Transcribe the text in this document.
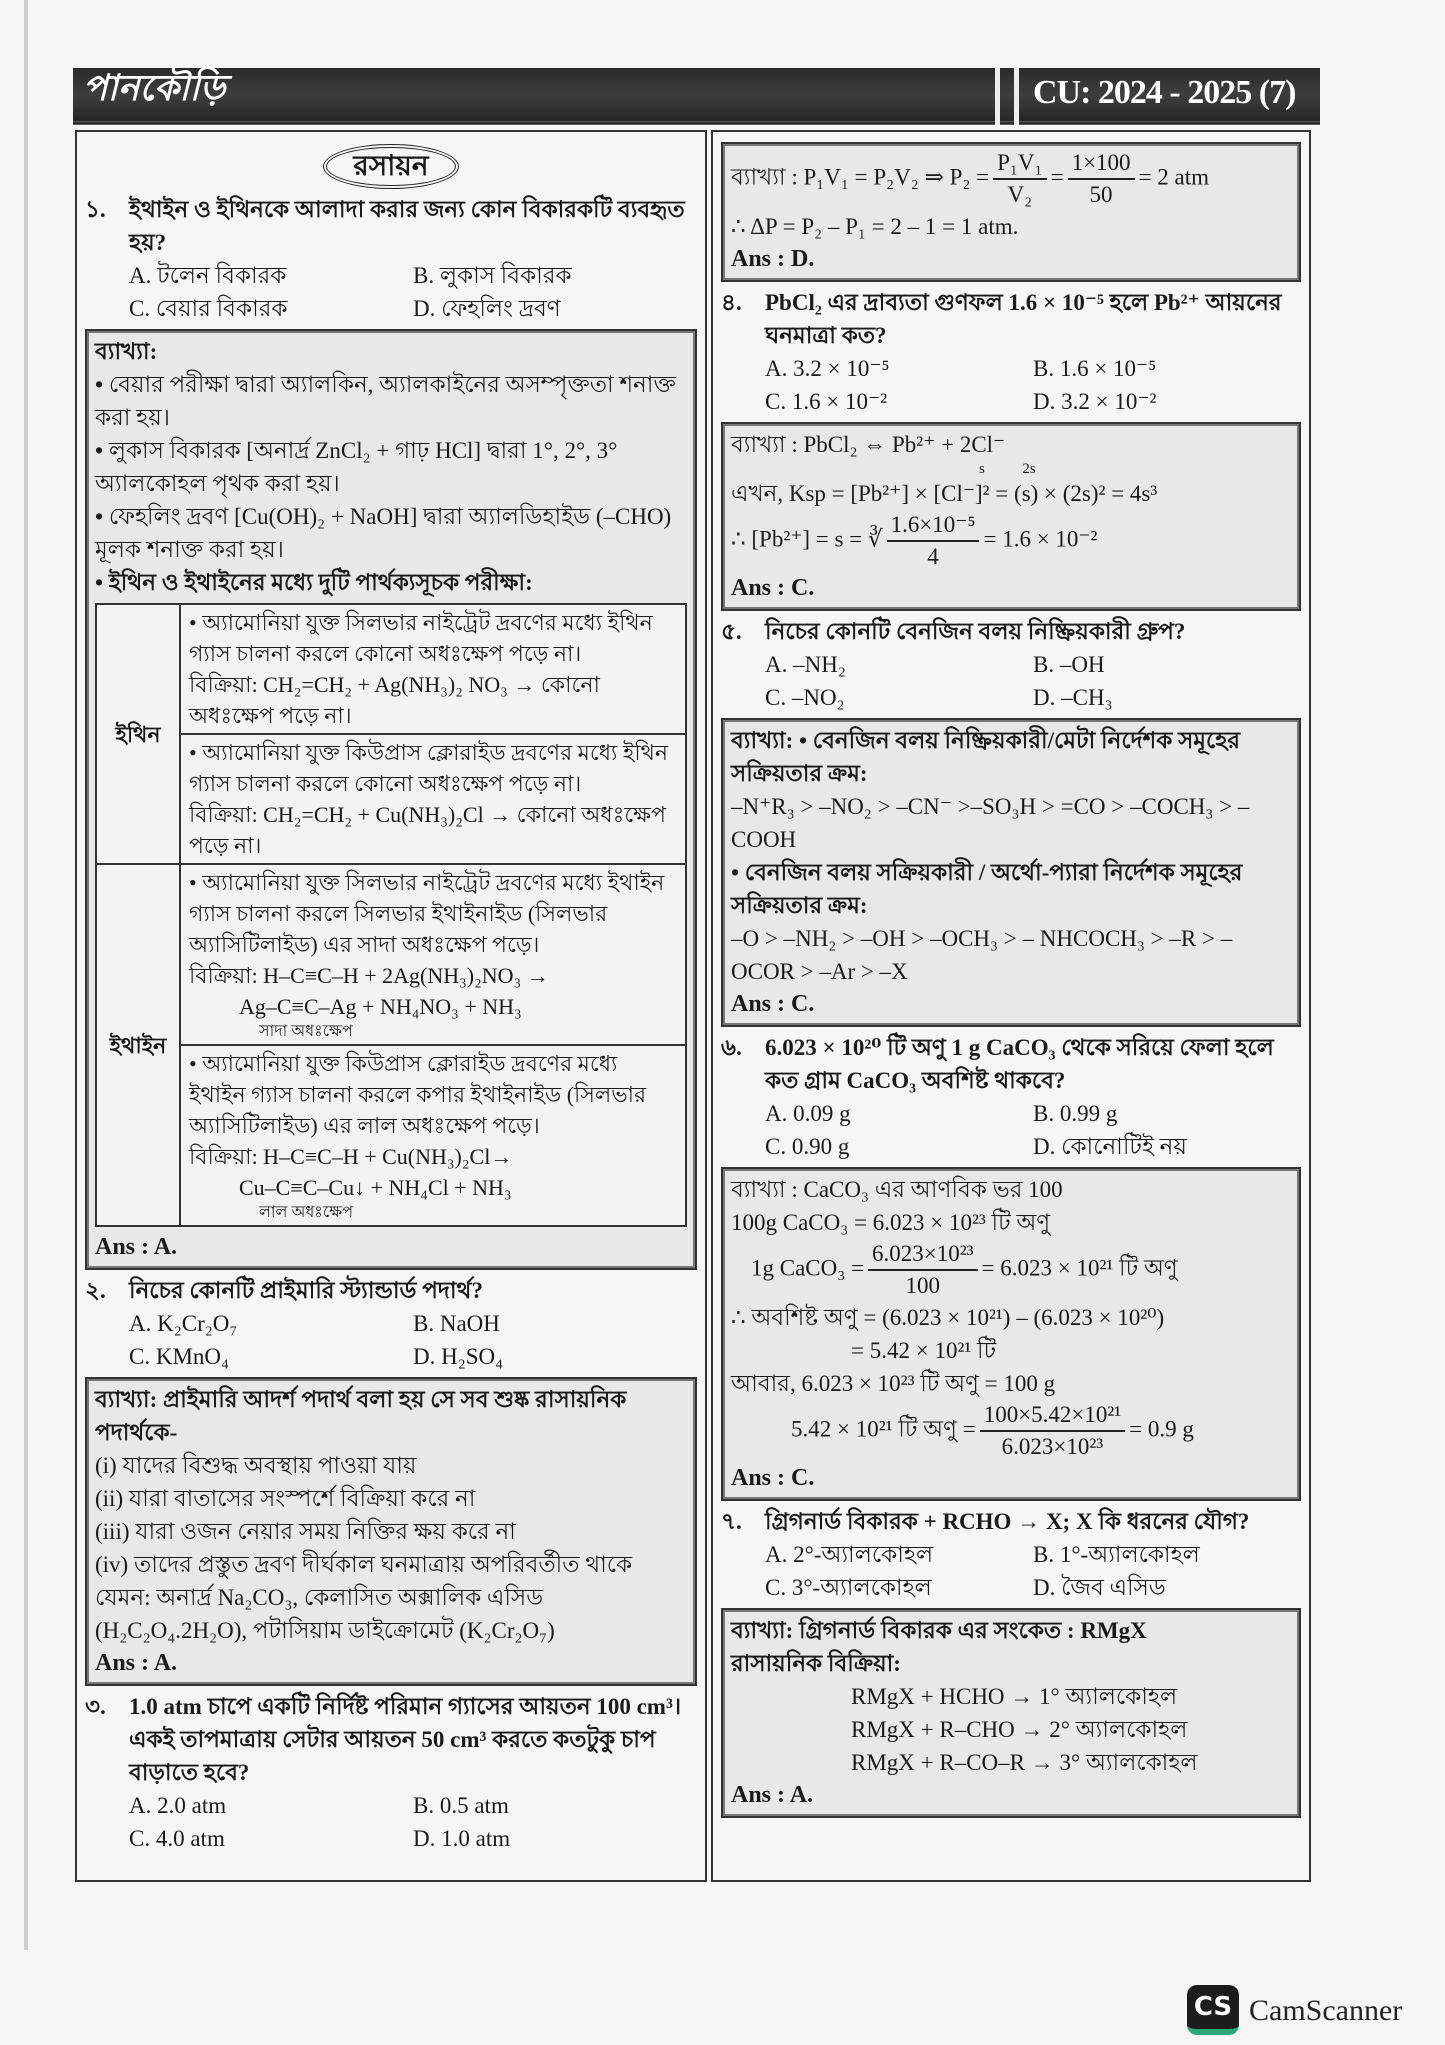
পানকৌড়ি	CU: 2024 - 2025 (7)
রসায়ন
১.	ইথাইন ও ইথিনকে আলাদা করার জন্য কোন বিকারকটি ব্যবহৃত হয়?
A. টলেন বিকারক	B. লুকাস বিকারক
C. বেয়ার বিকারক	D. ফেহলিং দ্রবণ
ব্যাখ্যা:
• বেয়ার পরীক্ষা দ্বারা অ্যালকিন, অ্যালকাইনের অসম্পৃক্ততা শনাক্ত করা হয়।
• লুকাস বিকারক [অনার্দ্র ZnCl₂ + গাঢ় HCl] দ্বারা 1°, 2°, 3° অ্যালকোহল পৃথক করা হয়।
• ফেহলিং দ্রবণ [Cu(OH)₂ + NaOH] দ্বারা অ্যালডিহাইড (–CHO) মূলক শনাক্ত করা হয়।
• ইথিন ও ইথাইনের মধ্যে দুটি পার্থক্যসূচক পরীক্ষা:
ইথিন	• অ্যামোনিয়া যুক্ত সিলভার নাইট্রেট দ্রবণের মধ্যে ইথিন গ্যাস চালনা করলে কোনো অধঃক্ষেপ পড়ে না।
বিক্রিয়া: CH₂=CH₂ + Ag(NH₃)₂ NO₃ → কোনো অধঃক্ষেপ পড়ে না।

	• অ্যামোনিয়া যুক্ত কিউপ্রাস ক্লোরাইড দ্রবণের মধ্যে ইথিন গ্যাস চালনা করলে কোনো অধঃক্ষেপ পড়ে না।
বিক্রিয়া: CH₂=CH₂ + Cu(NH₃)₂Cl → কোনো অধঃক্ষেপ পড়ে না।

ইথাইন	• অ্যামোনিয়া যুক্ত সিলভার নাইট্রেট দ্রবণের মধ্যে ইথাইন গ্যাস চালনা করলে সিলভার ইথাইনাইড (সিলভার অ্যাসিটিলাইড) এর সাদা অধঃক্ষেপ পড়ে।
বিক্রিয়া: H–C≡C–H + 2Ag(NH₃)₂NO₃ →
Ag–C≡C–Ag + NH₄NO₃ + NH₃
সাদা অধঃক্ষেপ

	• অ্যামোনিয়া যুক্ত কিউপ্রাস ক্লোরাইড দ্রবণের মধ্যে ইথাইন গ্যাস চালনা করলে কপার ইথাইনাইড (সিলভার অ্যাসিটিলাইড) এর লাল অধঃক্ষেপ পড়ে।
বিক্রিয়া: H–C≡C–H + Cu(NH₃)₂Cl→
Cu–C≡C–Cu↓ + NH₄Cl + NH₃
লাল অধঃক্ষেপ
Ans : A.
২.	নিচের কোনটি প্রাইমারি স্ট্যান্ডার্ড পদার্থ?
A. K₂Cr₂O₇	B. NaOH
C. KMnO₄	D. H₂SO₄
ব্যাখ্যা: প্রাইমারি আদর্শ পদার্থ বলা হয় সে সব শুষ্ক রাসায়নিক পদার্থকে-
(i) যাদের বিশুদ্ধ অবস্থায় পাওয়া যায়
(ii) যারা বাতাসের সংস্পর্শে বিক্রিয়া করে না
(iii) যারা ওজন নেয়ার সময় নিক্তির ক্ষয় করে না
(iv) তাদের প্রস্তুত দ্রবণ দীর্ঘকাল ঘনমাত্রায় অপরিবর্তীত থাকে
যেমন: অনার্দ্র Na₂CO₃, কেলাসিত অক্সালিক এসিড (H₂C₂O₄.2H₂O), পটাসিয়াম ডাইক্রোমেট (K₂Cr₂O₇)
Ans : A.
৩.	1.0 atm চাপে একটি নির্দিষ্ট পরিমান গ্যাসের আয়তন 100 cm³। একই তাপমাত্রায় সেটার আয়তন 50 cm³ করতে কতটুকু চাপ বাড়াতে হবে?
A. 2.0 atm	B. 0.5 atm
C. 4.0 atm	D. 1.0 atm
ব্যাখ্যা : P₁V₁ = P₂V₂ ⇒ $P_2 = \frac{\text{P₁V₁}}{\text{V₂}} = \frac{1\times 100}{50} = 2$ atm
∴ ΔP = P₂ – P₁ = 2 – 1 = 1 atm.
Ans : D.
৪.	PbCl₂ এর দ্রাব্যতা গুণফল 1.6 × 10⁻⁵ হলে Pb²⁺ আয়নের ঘনমাত্রা কত?
A. 3.2 × 10⁻⁵	B. 1.6 × 10⁻⁵
C. 1.6 × 10⁻²	D. 3.2 × 10⁻²
ব্যাখ্যা : PbCl₂ ⇔ Pb²⁺ + 2Cl⁻
s          2s
এখন, Ksp = [Pb²⁺] × [Cl⁻]² = (s) × (2s)² = 4s³
∴ [Pb²⁺] = s = ∛ $\frac{\text{1.6×10⁻⁵}}{4} = 1.6 \times 10^{-2}$
Ans : C.
৫.	নিচের কোনটি বেনজিন বলয় নিষ্ক্রিয়কারী গ্রুপ?
A. –NH₂	B. –OH
C. –NO₂	D. –CH₃
ব্যাখ্যা: • বেনজিন বলয় নিষ্ক্রিয়কারী/মেটা নির্দেশক সমূহের সক্রিয়তার ক্রম:
–N⁺R₃ > –NO₂ > –CN⁻ >–SO₃H > =CO > –COCH₃ > –COOH
• বেনজিন বলয় সক্রিয়কারী / অর্থো-প্যারা নির্দেশক সমূহের সক্রিয়তার ক্রম:
–O > –NH₂ > –OH > –OCH₃ > – NHCOCH₃ > –R > –OCOR > –Ar > –X
Ans : C.
৬.	6.023 × 10²⁰ টি অণু 1 g CaCO₃ থেকে সরিয়ে ফেলা হলে কত গ্রাম CaCO₃ অবশিষ্ট থাকবে?
A. 0.09 g	B. 0.99 g
C. 0.90 g	D. কোনোটিই নয়
ব্যাখ্যা : CaCO₃ এর আণবিক ভর 100
100g CaCO₃ = 6.023 × 10²³ টি অণু
1g CaCO₃ = $\frac{\text{6.023×10²³}}{100} = 6.023 \times 10^{21}$ টি অণু
∴ অবশিষ্ট অণু = (6.023 × 10²¹) – (6.023 × 10²⁰)
= 5.42 × 10²¹ টি
আবার, 6.023 × 10²³ টি অণু = 100 g
5.42 × 10²¹ টি অণু = $\frac{\text{100×5.42×10²¹}}{\text{6.023×10²³}} = 0.9$ g
Ans : C.
৭.	গ্রিগনার্ড বিকারক + RCHO → X; X কি ধরনের যৌগ?
A. 2°-অ্যালকোহল	B. 1°-অ্যালকোহল
C. 3°-অ্যালকোহল	D. জৈব এসিড
ব্যাখ্যা: গ্রিগনার্ড বিকারক এর সংকেত : RMgX
রাসায়নিক বিক্রিয়া:
RMgX + HCHO → 1° অ্যালকোহল
RMgX + R–CHO → 2° অ্যালকোহল
RMgX + R–CO–R → 3° অ্যালকোহল
Ans : A.
CS CamScanner
